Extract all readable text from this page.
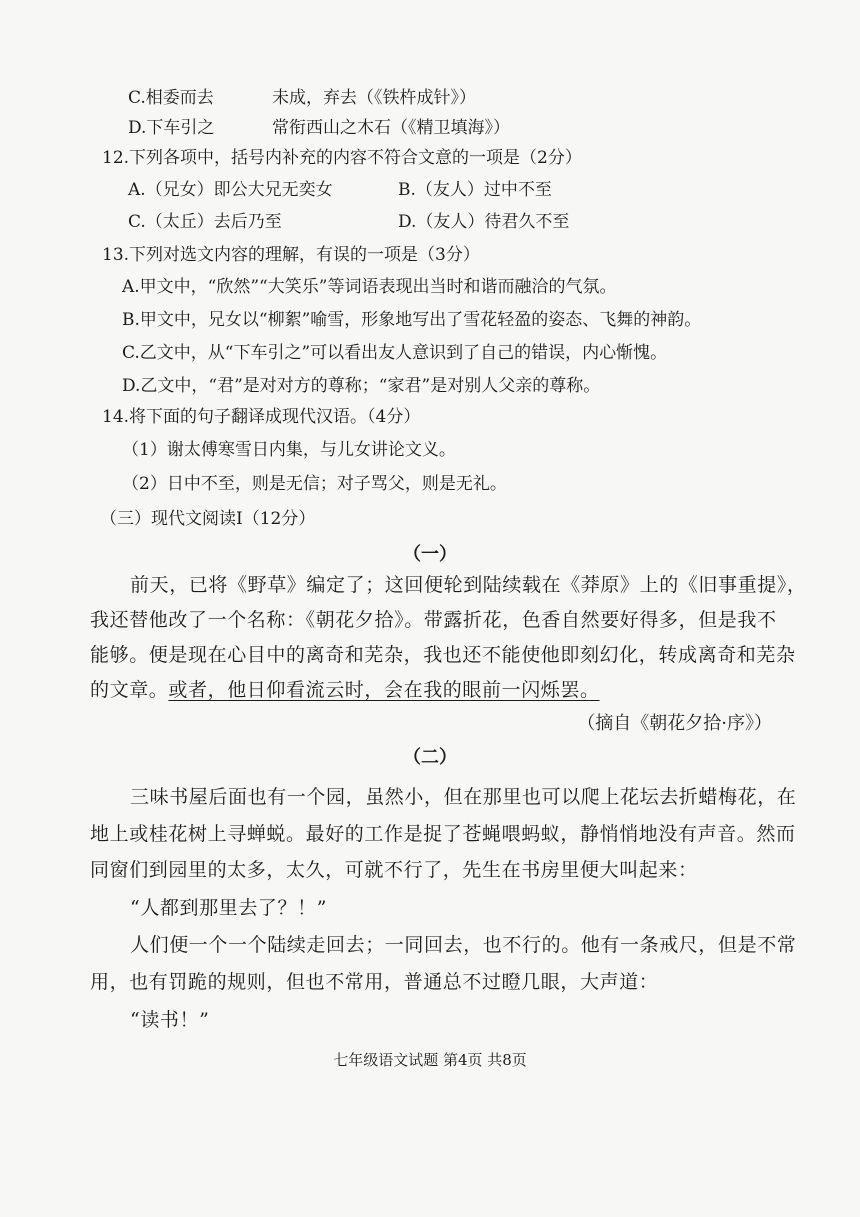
C.相委而去	未成，弃去（《铁杵成针》）
D.下车引之	常衔西山之木石（《精卫填海》）
12.下列各项中，括号内补充的内容不符合文意的一项是（2分）
A.（兄女）即公大兄无奕女	B.（友人）过中不至
C.（太丘）去后乃至	D.（友人）待君久不至
13.下列对选文内容的理解，有误的一项是（3分）
A.甲文中，“欣然”“大笑乐”等词语表现出当时和谐而融洽的气氛。
B.甲文中，兄女以“柳絮”喻雪，形象地写出了雪花轻盈的姿态、飞舞的神韵。
C.乙文中，从“下车引之”可以看出友人意识到了自己的错误，内心惭愧。
D.乙文中，“君”是对对方的尊称；“家君”是对别人父亲的尊称。
14.将下面的句子翻译成现代汉语。（4分）
（1）谢太傅寒雪日内集，与儿女讲论文义。
（2）日中不至，则是无信；对子骂父，则是无礼。
（三）现代文阅读Ⅰ（12分）
（一）
前天，已将《野草》编定了；这回便轮到陆续载在《莽原》上的《旧事重提》，
我还替他改了一个名称：《朝花夕拾》。带露折花，色香自然要好得多，但是我不
能够。便是现在心目中的离奇和芜杂，我也还不能使他即刻幻化，转成离奇和芜杂
的文章。或者，他日仰看流云时，会在我的眼前一闪烁罢。
（摘自《朝花夕拾·序》）
（二）
三味书屋后面也有一个园，虽然小，但在那里也可以爬上花坛去折蜡梅花，在
地上或桂花树上寻蝉蜕。最好的工作是捉了苍蝇喂蚂蚁，静悄悄地没有声音。然而
同窗们到园里的太多，太久，可就不行了，先生在书房里便大叫起来：
“人都到那里去了？！”
人们便一个一个陆续走回去；一同回去，也不行的。他有一条戒尺，但是不常
用，也有罚跪的规则，但也不常用，普通总不过瞪几眼，大声道：
“读书！”
七年级语文试题 第4页 共8页
